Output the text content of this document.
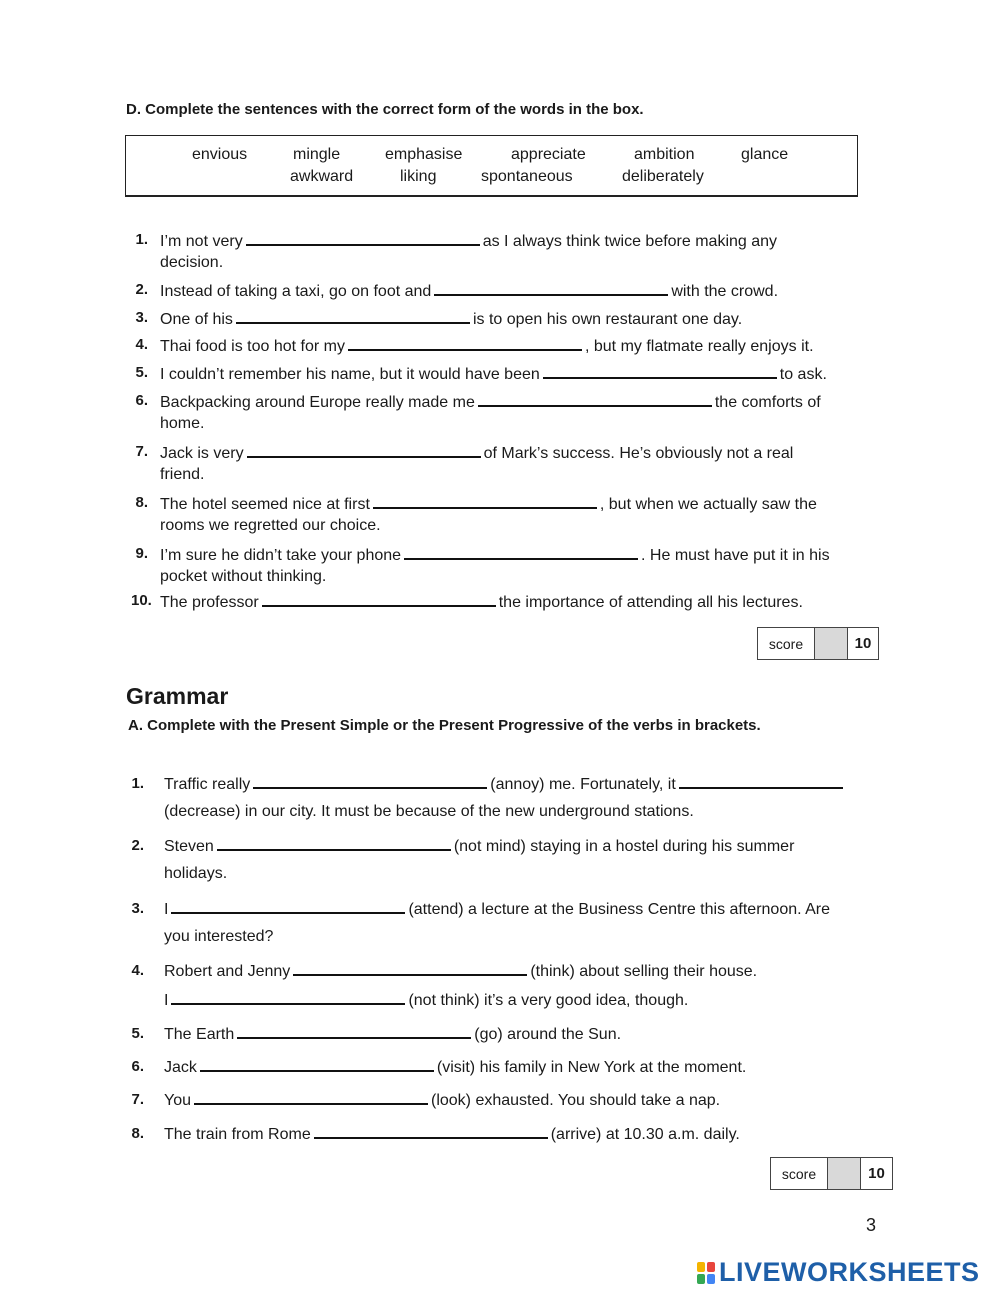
D. Complete the sentences with the correct form of the words in the box.
envious	mingle	emphasise	appreciate	ambition	glance
awkward	liking	spontaneous	deliberately
1. I’m not very	as I always think twice before making any
decision.
2. Instead of taking a taxi, go on foot and	with the crowd.
3. One of his	is to open his own restaurant one day.
4. Thai food is too hot for my	, but my flatmate really enjoys it.
5. I couldn’t remember his name, but it would have been	to ask.
6. Backpacking around Europe really made me	the comforts of
home.
7. Jack is very	of Mark’s success. He’s obviously not a real
friend.
8. The hotel seemed nice at first	, but when we actually saw the
rooms we regretted our choice.
9. I’m sure he didn’t take your phone	. He must have put it in his
pocket without thinking.
10. The professor	the importance of attending all his lectures.
score	10
Grammar
A. Complete with the Present Simple or the Present Progressive of the verbs in brackets.
1. Traffic really	(annoy) me. Fortunately, it
(decrease) in our city. It must be because of the new underground stations.
2. Steven	(not mind) staying in a hostel during his summer
holidays.
3. I	(attend) a lecture at the Business Centre this afternoon. Are
you interested?
4. Robert and Jenny	(think) about selling their house.
I	(not think) it’s a very good idea, though.
5. The Earth	(go) around the Sun.
6. Jack	(visit) his family in New York at the moment.
7. You	(look) exhausted. You should take a nap.
8. The train from Rome	(arrive) at 10.30 a.m. daily.
score	10
3
LIVEWORKSHEETS
